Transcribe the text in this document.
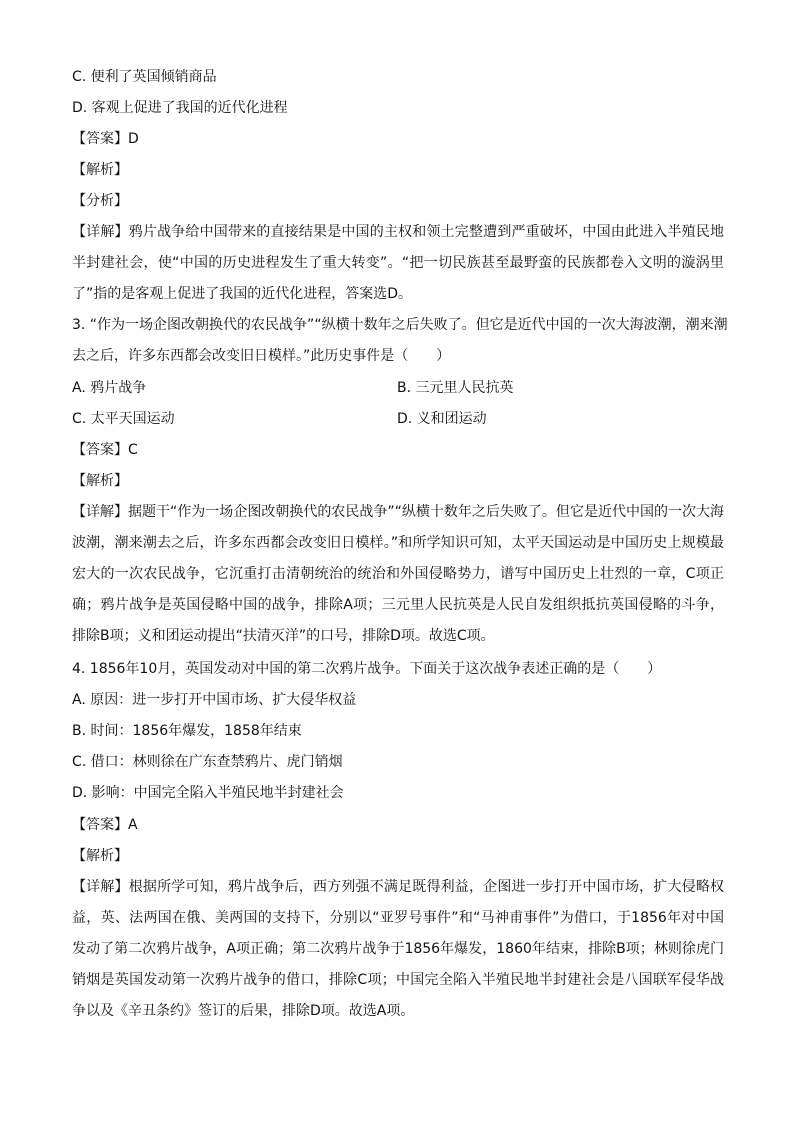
C. 便利了英国倾销商品
D. 客观上促进了我国的近代化进程
【答案】D
【解析】
【分析】
【详解】鸦片战争给中国带来的直接结果是中国的主权和领土完整遭到严重破坏，中国由此进入半殖民地半封建社会，使“中国的历史进程发生了重大转变”。“把一切民族甚至最野蛮的民族都卷入文明的漩涡里了”指的是客观上促进了我国的近代化进程，答案选D。
3. “作为一场企图改朝换代的农民战争”“纵横十数年之后失败了。但它是近代中国的一次大海波潮，潮来潮
去之后，许多东西都会改变旧日模样。”此历史事件是（　　）
A. 鸦片战争	B. 三元里人民抗英
C. 太平天国运动	D. 义和团运动
【答案】C
【解析】
【详解】据题干“作为一场企图改朝换代的农民战争”“纵横十数年之后失败了。但它是近代中国的一次大海波潮，潮来潮去之后，许多东西都会改变旧日模样。”和所学知识可知，太平天国运动是中国历史上规模最宏大的一次农民战争，它沉重打击清朝统治的统治和外国侵略势力，谱写中国历史上壮烈的一章，C项正确；鸦片战争是英国侵略中国的战争，排除A项；三元里人民抗英是人民自发组织抵抗英国侵略的斗争，排除B项；义和团运动提出“扶清灭洋”的口号，排除D项。故选C项。
4. 1856年10月，英国发动对中国的第二次鸦片战争。下面关于这次战争表述正确的是（　　）
A. 原因：进一步打开中国市场、扩大侵华权益
B. 时间：1856年爆发，1858年结束
C. 借口：林则徐在广东查禁鸦片、虎门销烟
D. 影响：中国完全陷入半殖民地半封建社会
【答案】A
【解析】
【详解】根据所学可知，鸦片战争后，西方列强不满足既得利益，企图进一步打开中国市场，扩大侵略权益，英、法两国在俄、美两国的支持下，分别以“亚罗号事件”和“马神甫事件”为借口，于1856年对中国发动了第二次鸦片战争，A项正确；第二次鸦片战争于1856年爆发，1860年结束，排除B项；林则徐虎门销烟是英国发动第一次鸦片战争的借口，排除C项；中国完全陷入半殖民地半封建社会是八国联军侵华战争以及《辛丑条约》签订的后果，排除D项。故选A项。
